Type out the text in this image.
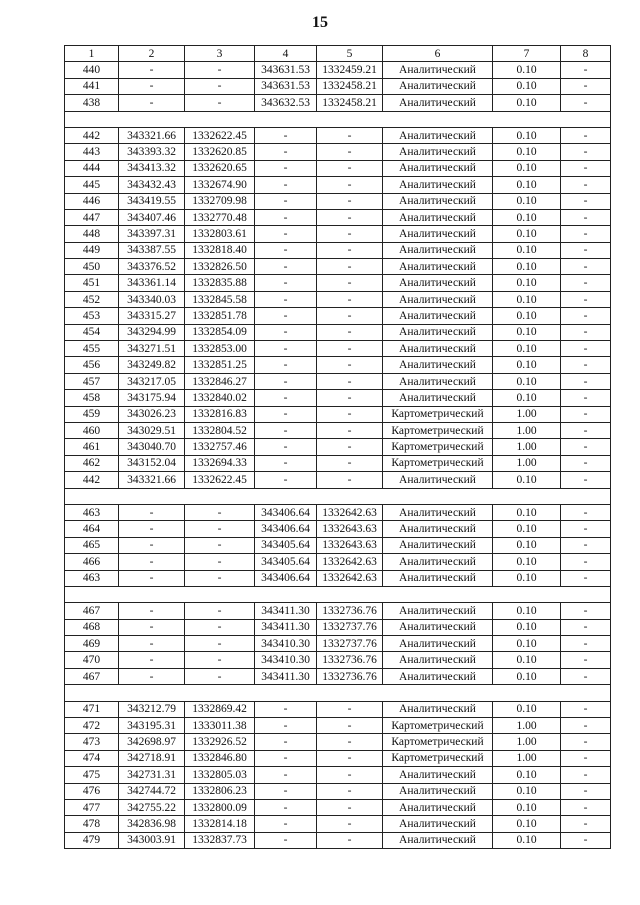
15
1	2	3	4	5	6	7	8
440	-	-	343631.53	1332459.21	Аналитический	0.10	-
441	-	-	343631.53	1332458.21	Аналитический	0.10	-
438	-	-	343632.53	1332458.21	Аналитический	0.10	-

442	343321.66	1332622.45	-	-	Аналитический	0.10	-
443	343393.32	1332620.85	-	-	Аналитический	0.10	-
444	343413.32	1332620.65	-	-	Аналитический	0.10	-
445	343432.43	1332674.90	-	-	Аналитический	0.10	-
446	343419.55	1332709.98	-	-	Аналитический	0.10	-
447	343407.46	1332770.48	-	-	Аналитический	0.10	-
448	343397.31	1332803.61	-	-	Аналитический	0.10	-
449	343387.55	1332818.40	-	-	Аналитический	0.10	-
450	343376.52	1332826.50	-	-	Аналитический	0.10	-
451	343361.14	1332835.88	-	-	Аналитический	0.10	-
452	343340.03	1332845.58	-	-	Аналитический	0.10	-
453	343315.27	1332851.78	-	-	Аналитический	0.10	-
454	343294.99	1332854.09	-	-	Аналитический	0.10	-
455	343271.51	1332853.00	-	-	Аналитический	0.10	-
456	343249.82	1332851.25	-	-	Аналитический	0.10	-
457	343217.05	1332846.27	-	-	Аналитический	0.10	-
458	343175.94	1332840.02	-	-	Аналитический	0.10	-
459	343026.23	1332816.83	-	-	Картометрический	1.00	-
460	343029.51	1332804.52	-	-	Картометрический	1.00	-
461	343040.70	1332757.46	-	-	Картометрический	1.00	-
462	343152.04	1332694.33	-	-	Картометрический	1.00	-
442	343321.66	1332622.45	-	-	Аналитический	0.10	-

463	-	-	343406.64	1332642.63	Аналитический	0.10	-
464	-	-	343406.64	1332643.63	Аналитический	0.10	-
465	-	-	343405.64	1332643.63	Аналитический	0.10	-
466	-	-	343405.64	1332642.63	Аналитический	0.10	-
463	-	-	343406.64	1332642.63	Аналитический	0.10	-

467	-	-	343411.30	1332736.76	Аналитический	0.10	-
468	-	-	343411.30	1332737.76	Аналитический	0.10	-
469	-	-	343410.30	1332737.76	Аналитический	0.10	-
470	-	-	343410.30	1332736.76	Аналитический	0.10	-
467	-	-	343411.30	1332736.76	Аналитический	0.10	-

471	343212.79	1332869.42	-	-	Аналитический	0.10	-
472	343195.31	1333011.38	-	-	Картометрический	1.00	-
473	342698.97	1332926.52	-	-	Картометрический	1.00	-
474	342718.91	1332846.80	-	-	Картометрический	1.00	-
475	342731.31	1332805.03	-	-	Аналитический	0.10	-
476	342744.72	1332806.23	-	-	Аналитический	0.10	-
477	342755.22	1332800.09	-	-	Аналитический	0.10	-
478	342836.98	1332814.18	-	-	Аналитический	0.10	-
479	343003.91	1332837.73	-	-	Аналитический	0.10	-
